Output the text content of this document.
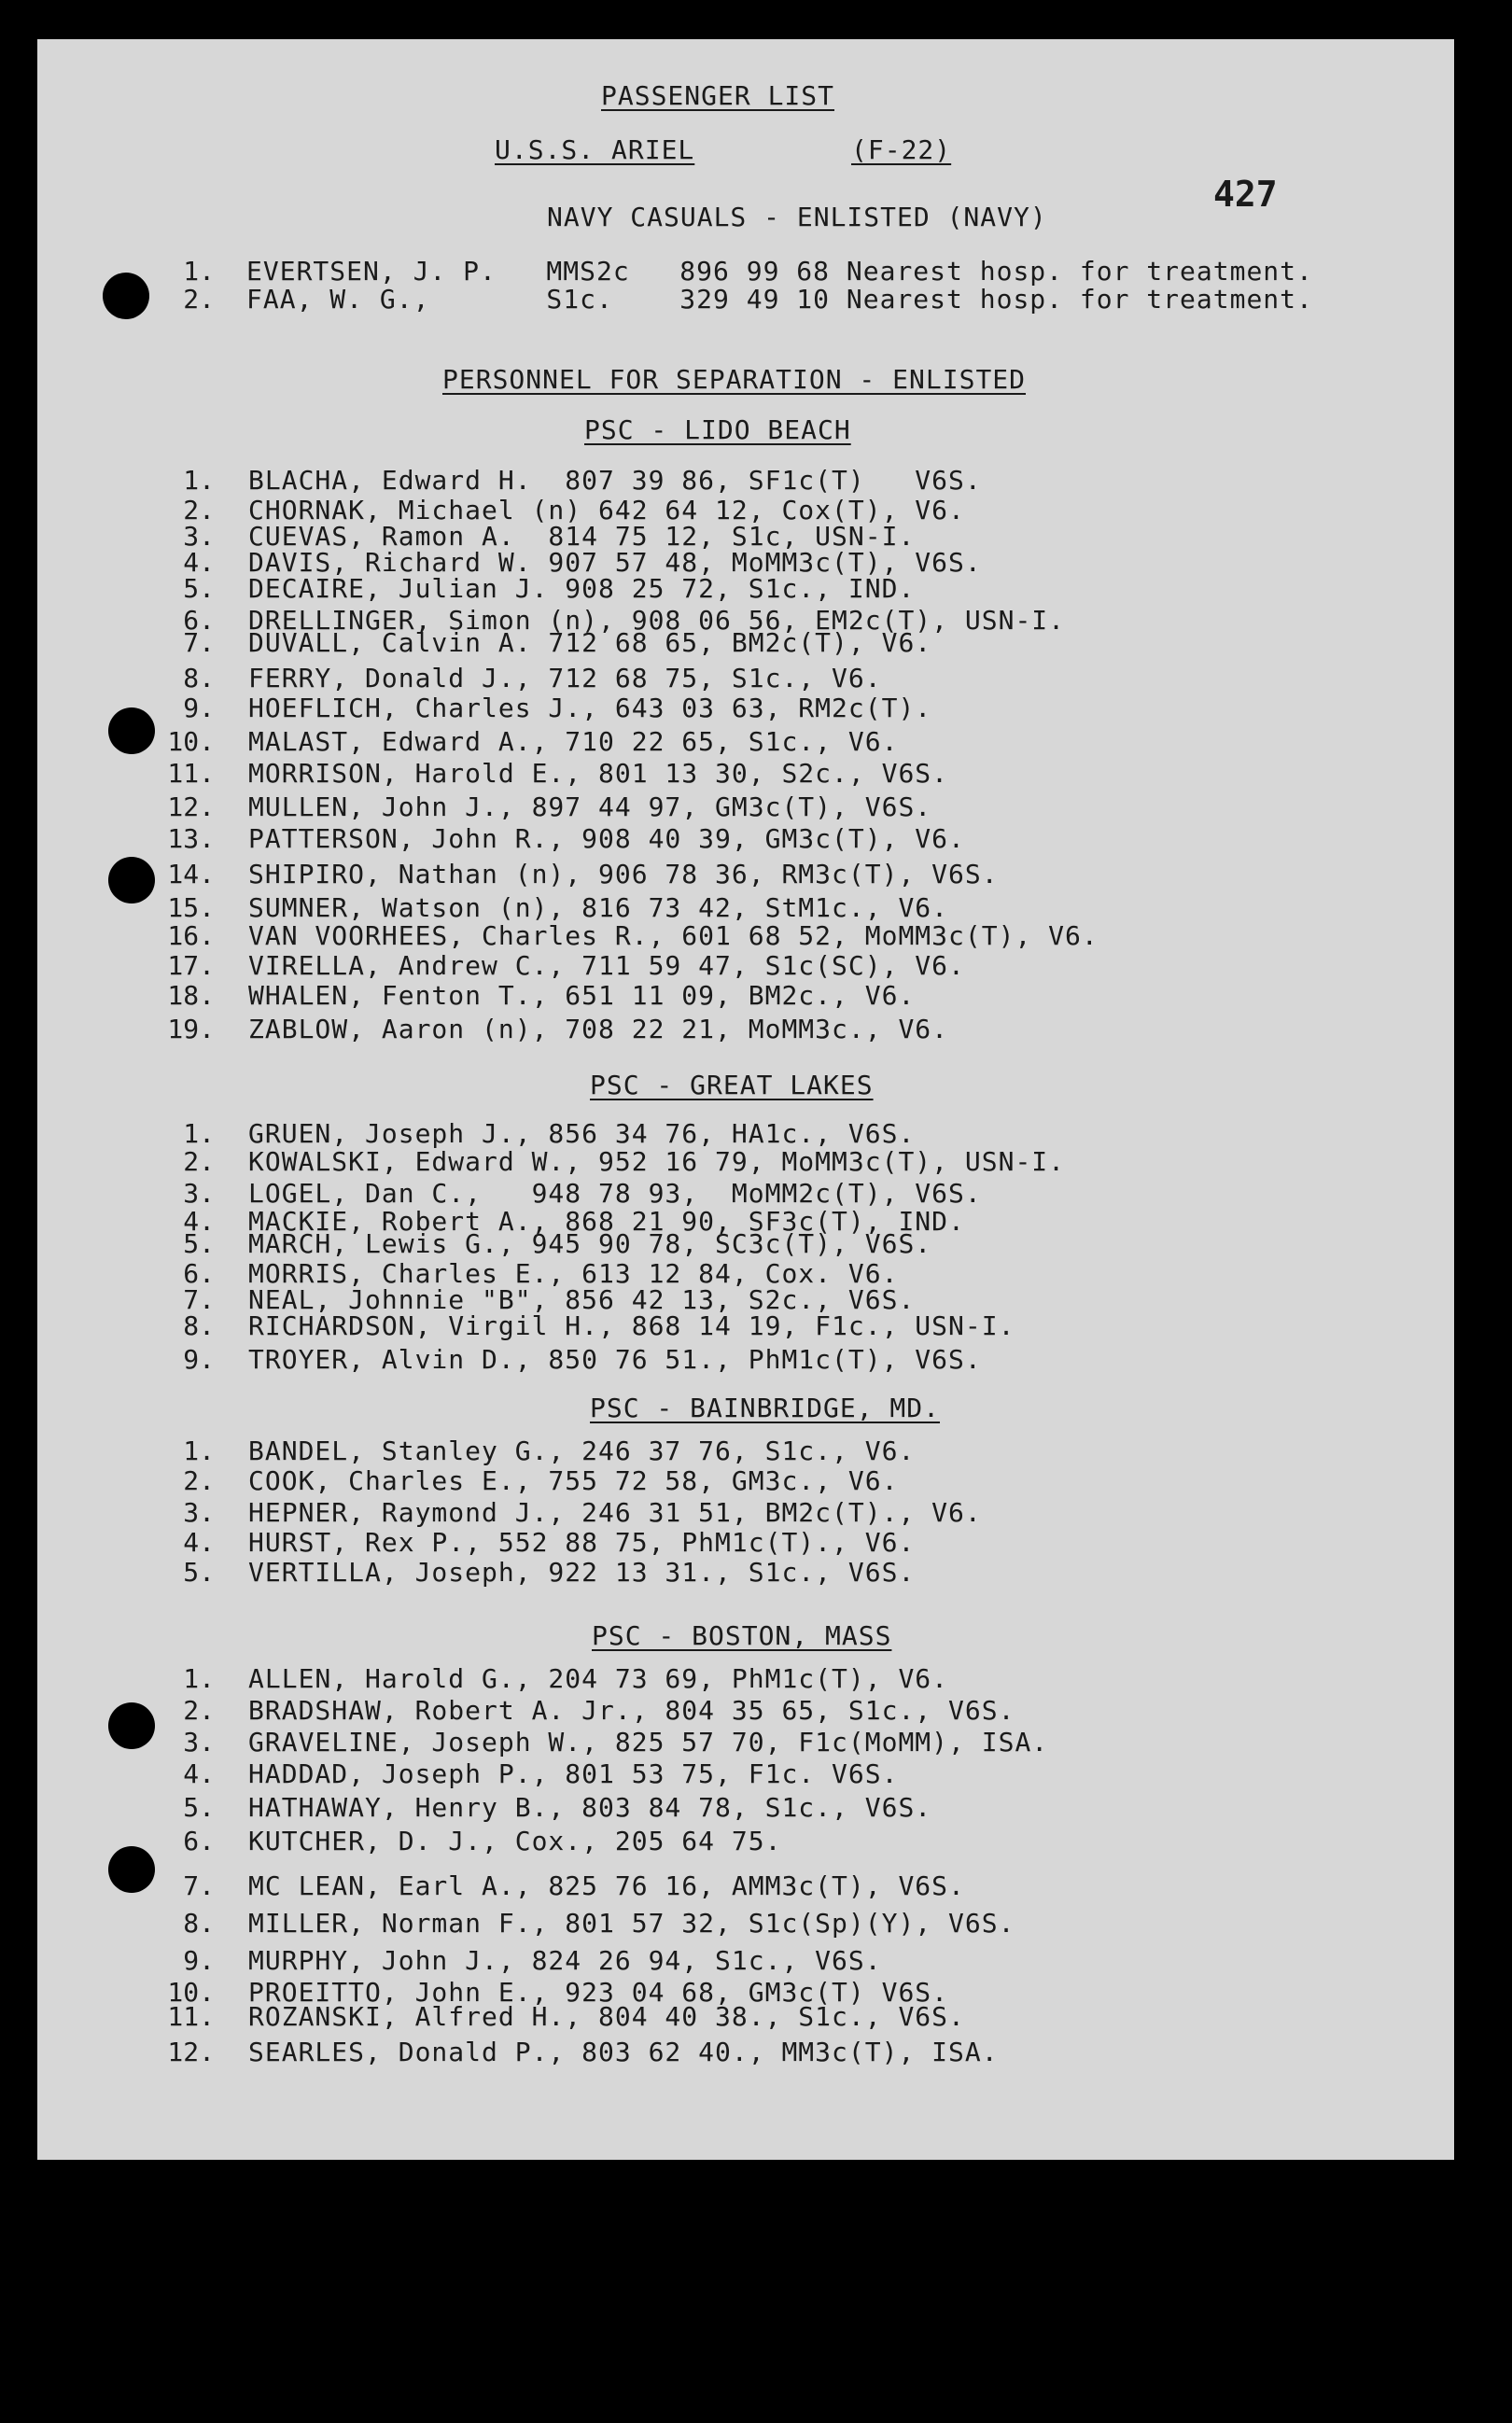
PASSENGER LIST
U.S.S. ARIEL	(F-22)
427
NAVY CASUALS - ENLISTED (NAVY)
1. EVERTSEN, J. P.   MMS2c   896 99 68 Nearest hosp. for treatment.
2. FAA, W. G.,       S1c.    329 49 10 Nearest hosp. for treatment.
PERSONNEL FOR SEPARATION - ENLISTED
PSC - LIDO BEACH
1. BLACHA, Edward H.  807 39 86, SF1c(T)   V6S.
2. CHORNAK, Michael (n) 642 64 12, Cox(T), V6.
3. CUEVAS, Ramon A.  814 75 12, S1c, USN-I.
4. DAVIS, Richard W. 907 57 48, MoMM3c(T), V6S.
5. DECAIRE, Julian J. 908 25 72, S1c., IND.
6. DRELLINGER, Simon (n), 908 06 56, EM2c(T), USN-I.
7. DUVALL, Calvin A. 712 68 65, BM2c(T), V6.
8. FERRY, Donald J., 712 68 75, S1c., V6.
9. HOEFLICH, Charles J., 643 03 63, RM2c(T).
10. MALAST, Edward A., 710 22 65, S1c., V6.
11. MORRISON, Harold E., 801 13 30, S2c., V6S.
12. MULLEN, John J., 897 44 97, GM3c(T), V6S.
13. PATTERSON, John R., 908 40 39, GM3c(T), V6.
14. SHIPIRO, Nathan (n), 906 78 36, RM3c(T), V6S.
15. SUMNER, Watson (n), 816 73 42, StM1c., V6.
16. VAN VOORHEES, Charles R., 601 68 52, MoMM3c(T), V6.
17. VIRELLA, Andrew C., 711 59 47, S1c(SC), V6.
18. WHALEN, Fenton T., 651 11 09, BM2c., V6.
19. ZABLOW, Aaron (n), 708 22 21, MoMM3c., V6.
PSC - GREAT LAKES
1. GRUEN, Joseph J., 856 34 76, HA1c., V6S.
2. KOWALSKI, Edward W., 952 16 79, MoMM3c(T), USN-I.
3. LOGEL, Dan C.,   948 78 93,  MoMM2c(T), V6S.
4. MACKIE, Robert A., 868 21 90, SF3c(T), IND.
5. MARCH, Lewis G., 945 90 78, SC3c(T), V6S.
6. MORRIS, Charles E., 613 12 84, Cox. V6.
7. NEAL, Johnnie "B", 856 42 13, S2c., V6S.
8. RICHARDSON, Virgil H., 868 14 19, F1c., USN-I.
9. TROYER, Alvin D., 850 76 51., PhM1c(T), V6S.
PSC - BAINBRIDGE, MD.
1. BANDEL, Stanley G., 246 37 76, S1c., V6.
2. COOK, Charles E., 755 72 58, GM3c., V6.
3. HEPNER, Raymond J., 246 31 51, BM2c(T)., V6.
4. HURST, Rex P., 552 88 75, PhM1c(T)., V6.
5. VERTILLA, Joseph, 922 13 31., S1c., V6S.
PSC - BOSTON, MASS
1. ALLEN, Harold G., 204 73 69, PhM1c(T), V6.
2. BRADSHAW, Robert A. Jr., 804 35 65, S1c., V6S.
3. GRAVELINE, Joseph W., 825 57 70, F1c(MoMM), ISA.
4. HADDAD, Joseph P., 801 53 75, F1c. V6S.
5. HATHAWAY, Henry B., 803 84 78, S1c., V6S.
6. KUTCHER, D. J., Cox., 205 64 75.
7. MC LEAN, Earl A., 825 76 16, AMM3c(T), V6S.
8. MILLER, Norman F., 801 57 32, S1c(Sp)(Y), V6S.
9. MURPHY, John J., 824 26 94, S1c., V6S.
10. PROEITTO, John E., 923 04 68, GM3c(T) V6S.
11. ROZANSKI, Alfred H., 804 40 38., S1c., V6S.
12. SEARLES, Donald P., 803 62 40., MM3c(T), ISA.
